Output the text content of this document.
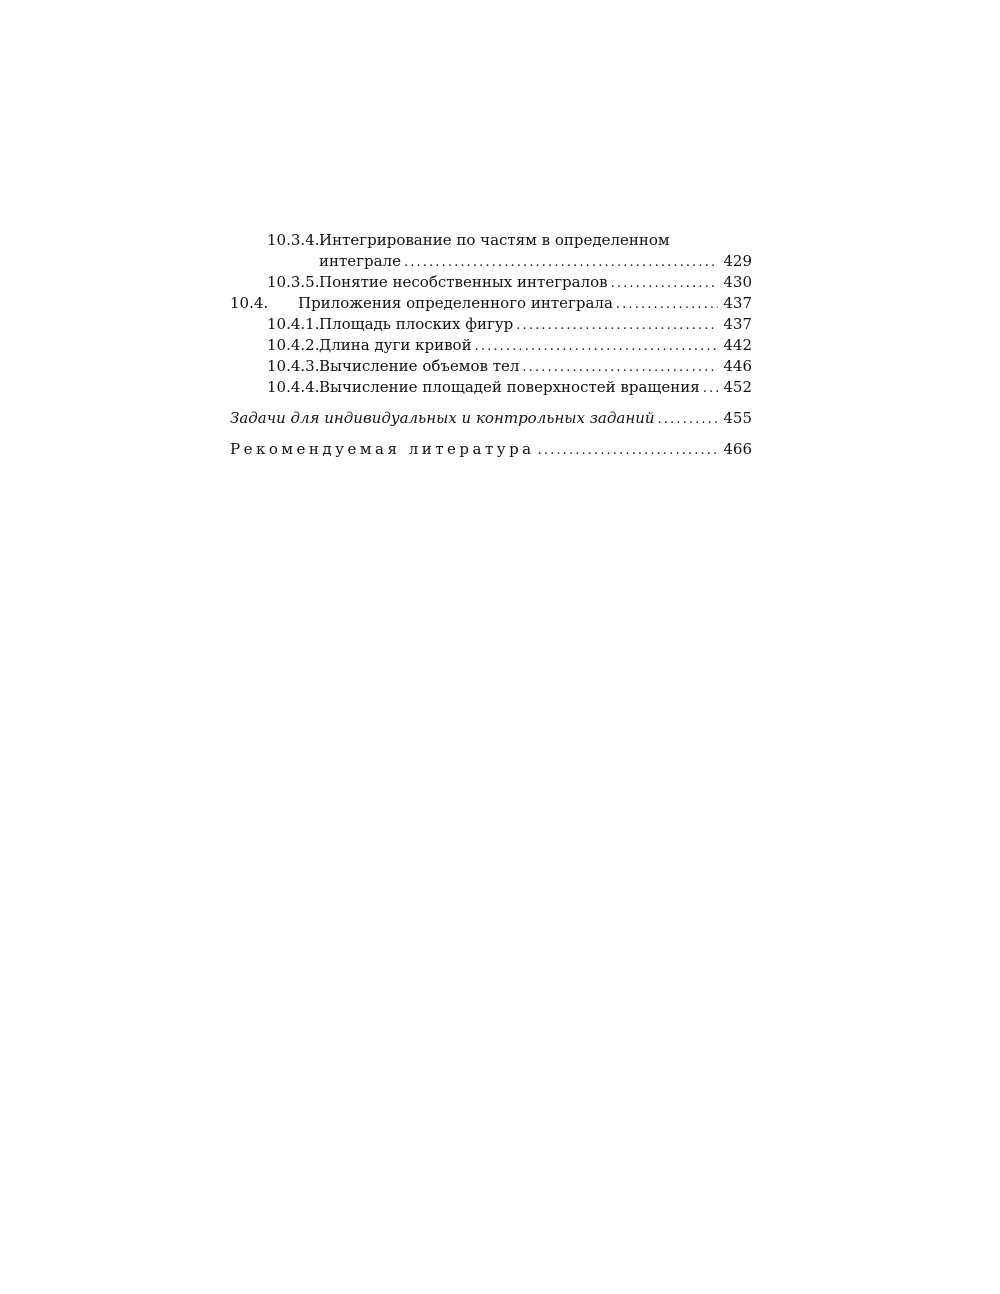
10.3.4. Интегрирование по частям в определенном
интеграле . . .	429
10.3.5. Понятие несобственных интегралов . . .	430
10.4.	Приложения определенного интеграла . . .	437
10.4.1. Площадь плоских фигур . . .	437
10.4.2. Длина дуги кривой . . .	442
10.4.3. Вычисление объемов тел . . .	446
10.4.4. Вычисление площадей поверхностей вращения . . . 452
Задачи для индивидуальных и контрольных заданий . . .	455
Рекомендуемая литература . . .	466
